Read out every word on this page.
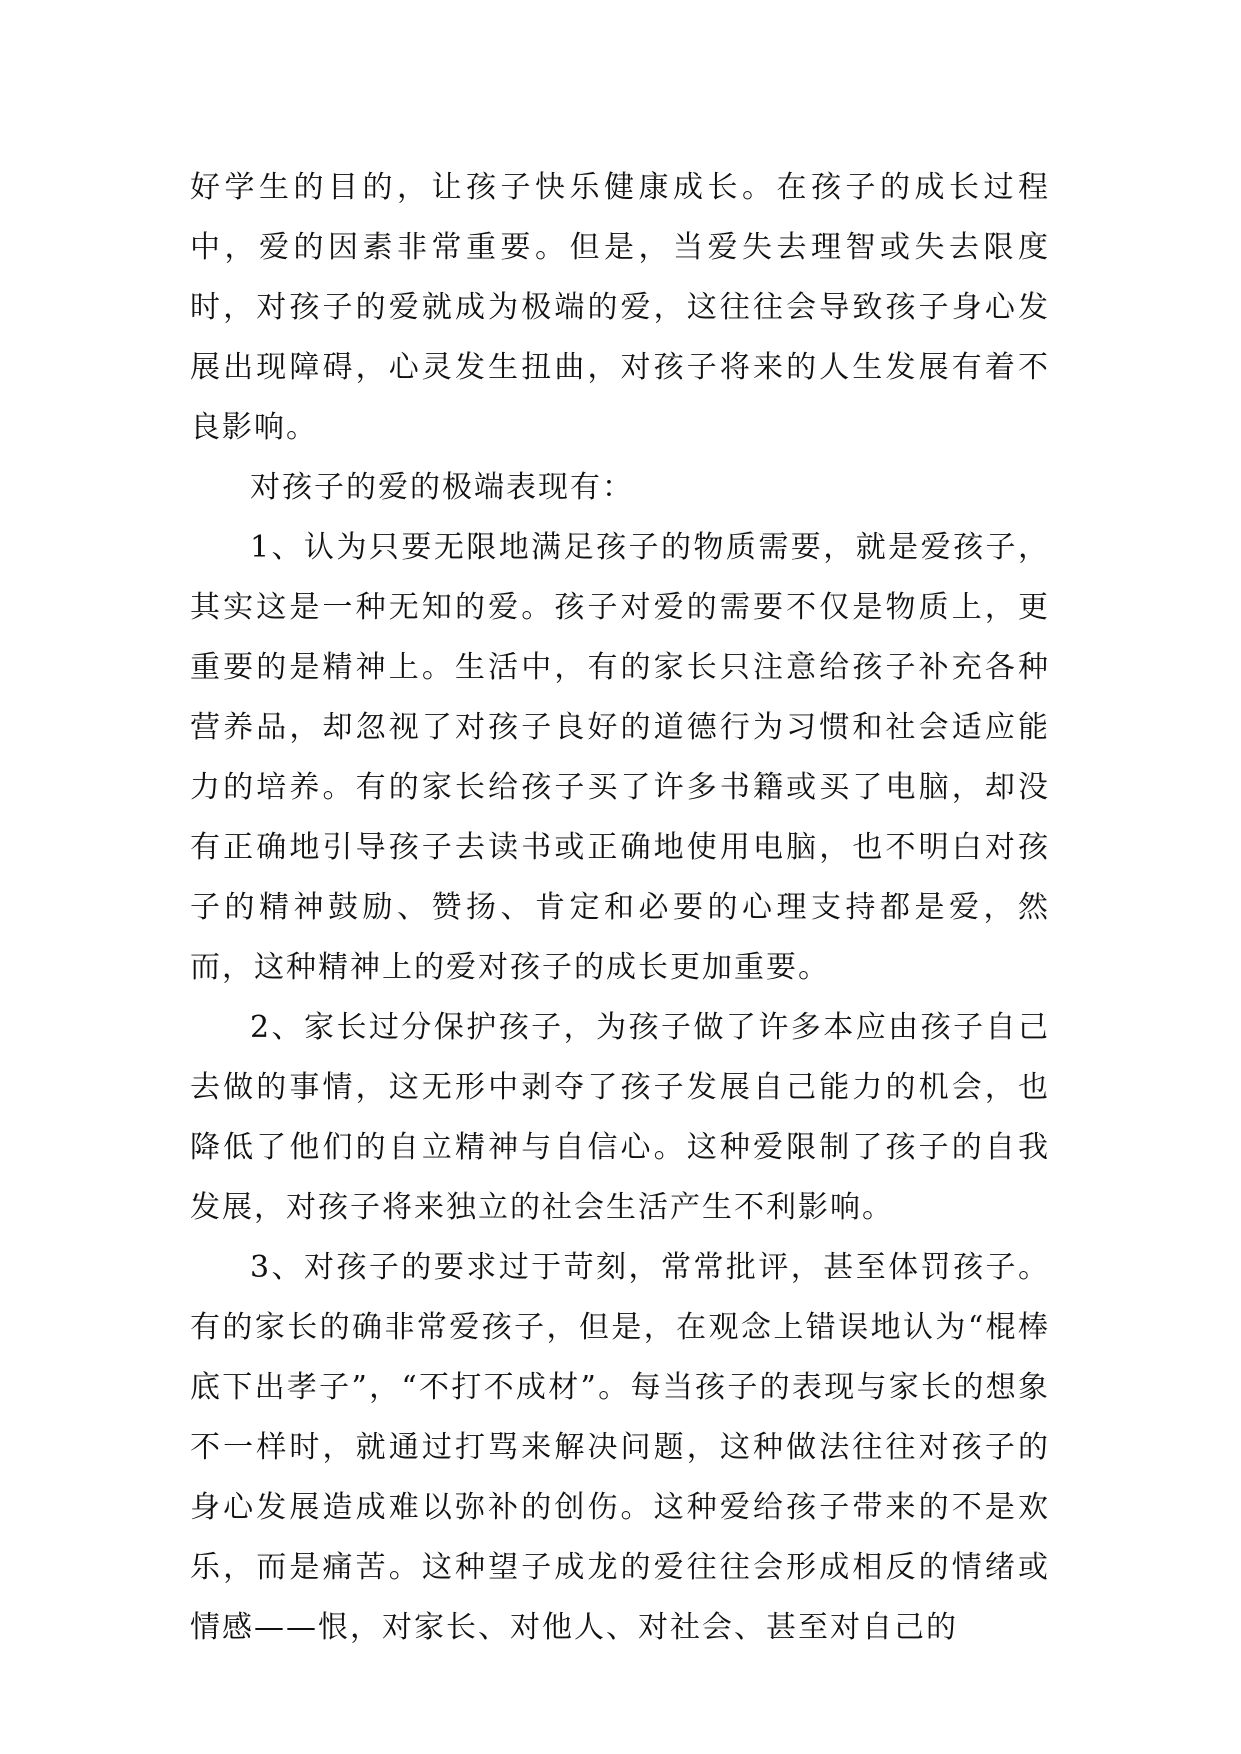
好学生的目的，让孩子快乐健康成长。在孩子的成长过程中，爱的因素非常重要。但是，当爱失去理智或失去限度时，对孩子的爱就成为极端的爱，这往往会导致孩子身心发展出现障碍，心灵发生扭曲，对孩子将来的人生发展有着不良影响。

对孩子的爱的极端表现有：

1、认为只要无限地满足孩子的物质需要，就是爱孩子，其实这是一种无知的爱。孩子对爱的需要不仅是物质上，更重要的是精神上。生活中，有的家长只注意给孩子补充各种营养品，却忽视了对孩子良好的道德行为习惯和社会适应能力的培养。有的家长给孩子买了许多书籍或买了电脑，却没有正确地引导孩子去读书或正确地使用电脑，也不明白对孩子的精神鼓励、赞扬、肯定和必要的心理支持都是爱，然而，这种精神上的爱对孩子的成长更加重要。

2、家长过分保护孩子，为孩子做了许多本应由孩子自己去做的事情，这无形中剥夺了孩子发展自己能力的机会，也降低了他们的自立精神与自信心。这种爱限制了孩子的自我发展，对孩子将来独立的社会生活产生不利影响。

3、对孩子的要求过于苛刻，常常批评，甚至体罚孩子。有的家长的确非常爱孩子，但是，在观念上错误地认为“棍棒底下出孝子”，“不打不成材”。每当孩子的表现与家长的想象不一样时，就通过打骂来解决问题，这种做法往往对孩子的身心发展造成难以弥补的创伤。这种爱给孩子带来的不是欢乐，而是痛苦。这种望子成龙的爱往往会形成相反的情绪或情感——恨，对家长、对他人、对社会、甚至对自己的
